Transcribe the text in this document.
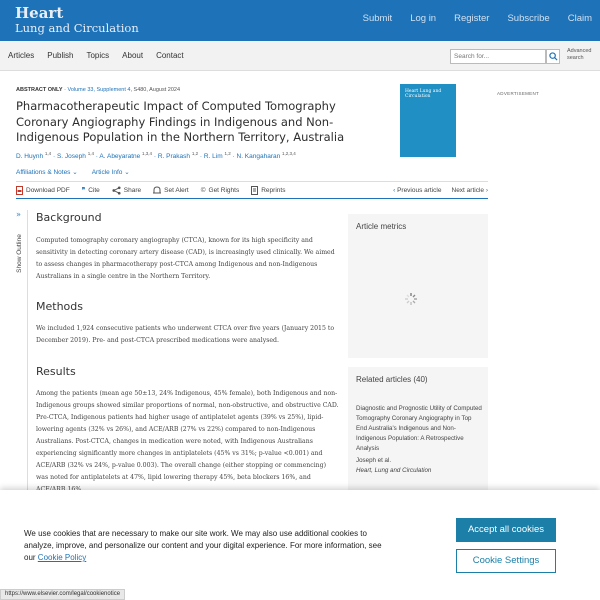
Heart
Lung and Circulation
Submit Log in Register Subscribe Claim
Articles Publish Topics About Contact	Search for...
Advanced search
ABSTRACT ONLY · Volume 33, Supplement 4, S480, August 2024
Pharmacotherapeutic Impact of Computed Tomography Coronary Angiography Findings in Indigenous and Non-Indigenous Population in the Northern Territory, Australia
D. Huynh $^{1,4}$ · S. Joseph $^{1,4}$ · A. Abeyaratne $^{1,3,4}$ · R. Prakash $^{1,2}$ · R. Lim $^{1,2}$ · N. Kangaharan $^{1,2,3,4}$
Affiliations & Notes ⌄ Article Info ⌄
Heart Lung and Circulation
ADVERTISEMENT
Download PDF ❞ Cite	Share	Set Alert © Get Rights	Reprints	‹ Previous article Next article ›
»
Show Outline
Background
Computed tomography coronary angiography (CTCA), known for its high specificity and sensitivity in detecting coronary artery disease (CAD), is increasingly used clinically. We aimed to assess changes in pharmacotherapy post-CTCA among Indigenous and non-Indigenous Australians in a single centre in the Northern Territory.
Methods
We included 1,924 consecutive patients who underwent CTCA over five years (January 2015 to December 2019). Pre- and post-CTCA prescribed medications were analysed.
Results
Among the patients (mean age 50±13, 24% Indigenous, 45% female), both Indigenous and non-Indigenous groups showed similar proportions of normal, non-obstructive, and obstructive CAD. Pre-CTCA, Indigenous patients had higher usage of antiplatelet agents (39% vs 25%), lipid-lowering agents (32% vs 26%), and ACE/ARB (27% vs 22%) compared to non-Indigenous Australians. Post-CTCA, changes in medication were noted, with Indigenous Australians experiencing significantly more changes in antiplatelets (45% vs 31%; p-value <0.001) and ACE/ARB (32% vs 24%, p-value 0.003). The overall change (either stopping or commencing) was noted for antiplatelets at 47%, lipid lowering therapy 45%, beta blockers 16%, and
Article metrics
Related articles (40)
Diagnostic and Prognostic Utility of Computed Tomography Coronary Angiography in Top End Australia's Indigenous and Non-Indigenous Population: A Retrospective Analysis
Joseph et al.
Heart, Lung and Circulation
We use cookies that are necessary to make our site work. We may also use additional cookies to analyze, improve, and personalize our content and your digital experience. For more information, see our Cookie Policy
Accept all cookies
Cookie Settings
https://www.elsevier.com/legal/cookienotice
